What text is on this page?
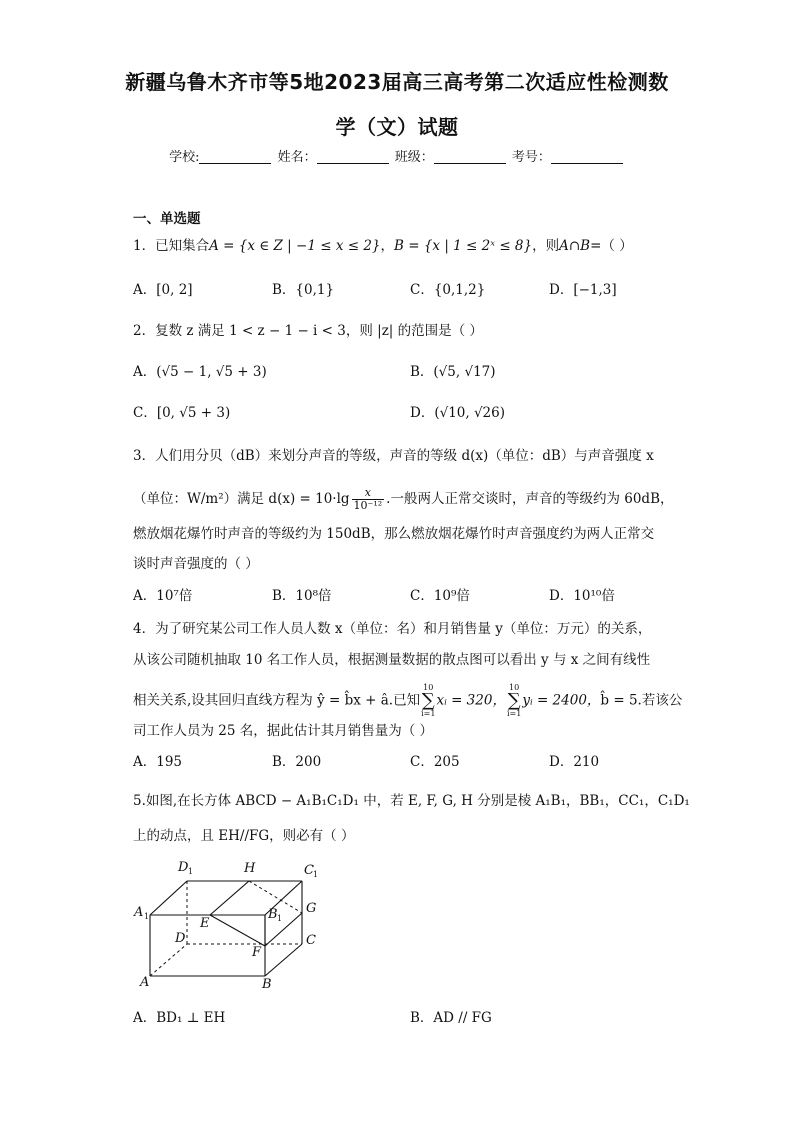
新疆乌鲁木齐市等5地2023届高三高考第二次适应性检测数
学（文）试题
学校:	姓名：	班级：	考号：
一、单选题
1．已知集合A = {x ∈ Z | −1 ≤ x ≤ 2}，B = {x | 1 ≤ 2ˣ ≤ 8}，则A∩B=（ ）
A．[0, 2]	B．{0,1}	C．{0,1,2}	D．[−1,3]
2．复数 z 满足 1 < z − 1 − i < 3，则 |z| 的范围是（ ）
A．(√5 − 1, √5 + 3)	B．(√5, √17)
C．[0, √5 + 3)	D．(√10, √26)
3．人们用分贝（dB）来划分声音的等级，声音的等级 d(x)（单位：dB）与声音强度 x
（单位：W/m²）满足 $d(x) = 10\cdot\lg \frac{x}{\text{10⁻¹²}}$ .一般两人正常交谈时，声音的等级约为 60dB，
燃放烟花爆竹时声音的等级约为 150dB，那么燃放烟花爆竹时声音强度约为两人正常交
谈时声音强度的（ ）
A．10⁷倍	B．10⁸倍	C．10⁹倍	D．10¹⁰倍
4．为了研究某公司工作人员人数 x（单位：名）和月销售量 y（单位：万元）的关系，
从该公司随机抽取 10 名工作人员，根据测量数据的散点图可以看出 y 与 x 之间有线性
相关关系,设其回归直线方程为 ŷ = b̂x + â.已知10
∑
i=1xᵢ = 320，10
∑
i=1yᵢ = 2400，b̂ = 5.若该公
司工作人员为 25 名，据此估计其月销售量为（ ）
A．195	B．200	C．205	D．210
5.如图,在长方体 ABCD − A₁B₁C₁D₁ 中，若 E, F, G, H 分别是棱 A₁B₁，BB₁，CC₁，C₁D₁
上的动点，且 EH//FG，则必有（ ）
A	B
C
D
A 1	B 1
C 1
D 1
E
F
G
H
A．BD₁ ⊥ EH	B．AD // FG
